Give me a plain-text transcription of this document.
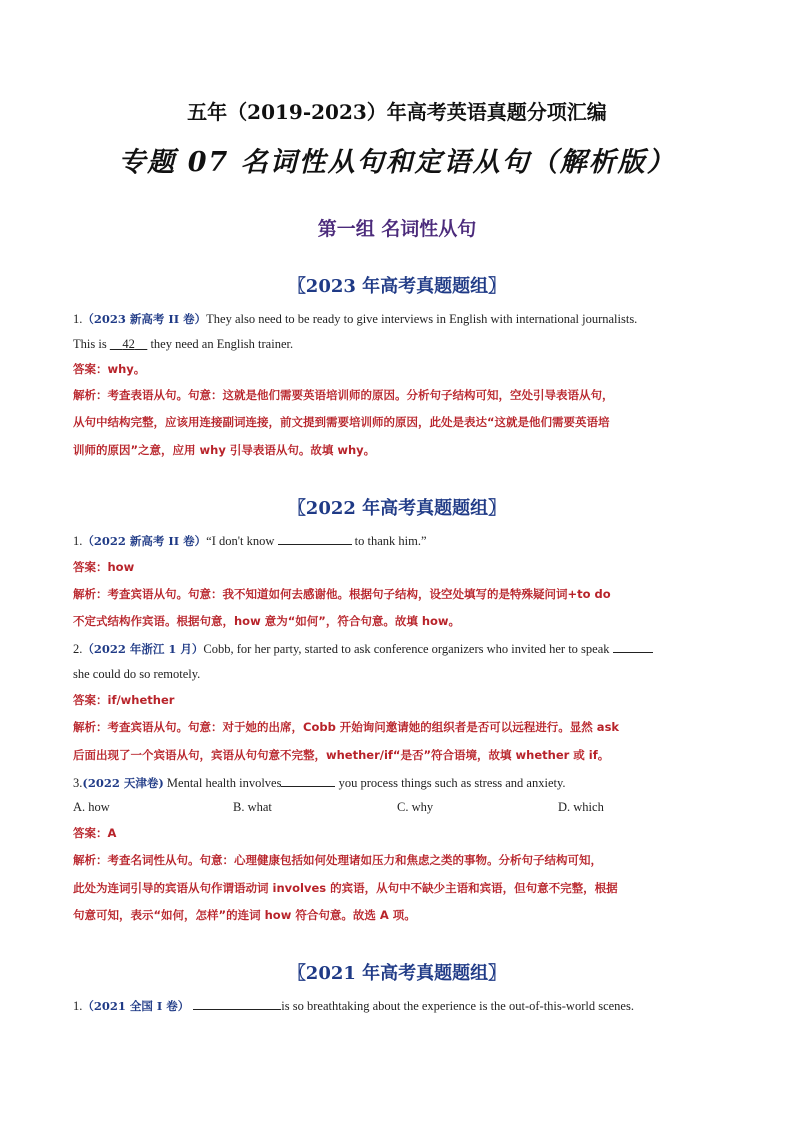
五年（2019-2023）年高考英语真题分项汇编
专题 07 名词性从句和定语从句（解析版）
第一组 名词性从句
〖2023 年高考真题题组〗
1.（2023 新高考 II 卷）They also need to be ready to give interviews in English with international journalists.
This is     42     they need an English trainer.
答案：why。
解析：考查表语从句。句意：这就是他们需要英语培训师的原因。分析句子结构可知，空处引导表语从句，
从句中结构完整，应该用连接副词连接，前文提到需要培训师的原因，此处是表达“这就是他们需要英语培
训师的原因”之意，应用 why 引导表语从句。故填 why。
〖2022 年高考真题题组〗
1.（2022 新高考 II 卷）“I don't know	to thank him.”
答案：how
解析：考查宾语从句。句意：我不知道如何去感谢他。根据句子结构，设空处填写的是特殊疑问词+to do
不定式结构作宾语。根据句意，how 意为“如何”，符合句意。故填 how。
2.（2022 年浙江 1 月）Cobb, for her party, started to ask conference organizers who invited her to speak
she could do so remotely.
答案：if/whether
解析：考查宾语从句。句意：对于她的出席，Cobb 开始询问邀请她的组织者是否可以远程进行。显然 ask
后面出现了一个宾语从句，宾语从句句意不完整，whether/if“是否”符合语境，故填 whether 或 if。
3.(2022 天津卷) Mental health involves	you process things such as stress and anxiety.
A. how	B. what	C. why	D. which
答案：A
解析：考查名词性从句。句意：心理健康包括如何处理诸如压力和焦虑之类的事物。分析句子结构可知，
此处为连词引导的宾语从句作谓语动词 involves 的宾语，从句中不缺少主语和宾语，但句意不完整，根据
句意可知，表示“如何，怎样”的连词 how 符合句意。故选 A 项。
〖2021 年高考真题题组〗
1.（2021 全国 I 卷）	is so breathtaking about the experience is the out-of-this-world scenes.
